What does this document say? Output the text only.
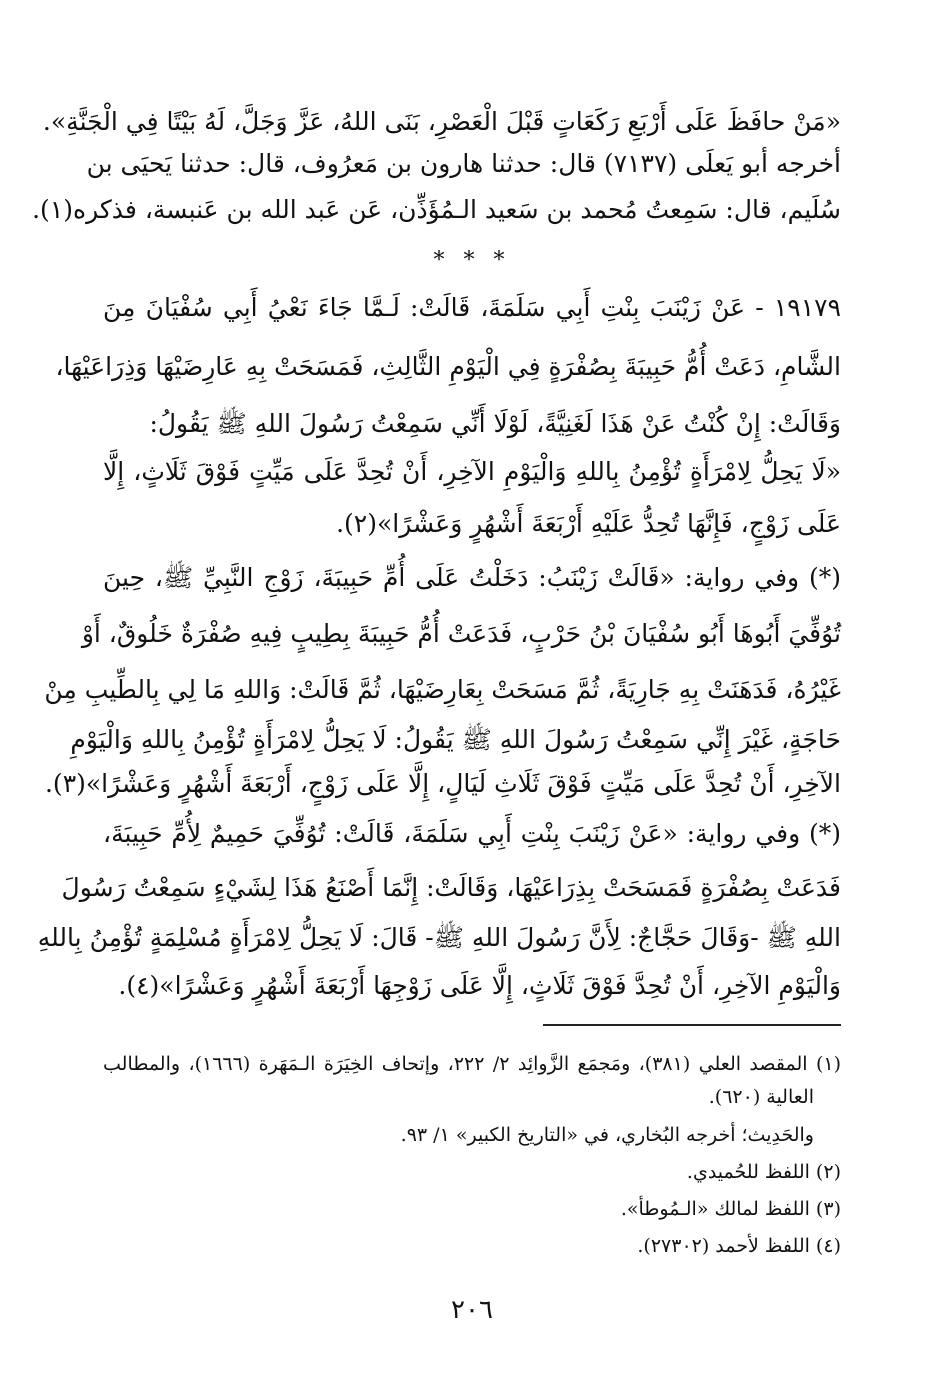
«مَنْ حافَظَ عَلَى أَرْبَعِ رَكَعَاتٍ قَبْلَ الْعَصْرِ، بَنَى اللهُ، عَزَّ وَجَلَّ، لَهُ بَيْتًا فِي الْجَنَّةِ».
أخرجه أبو يَعلَى (٧١٣٧) قال: حدثنا هارون بن مَعرُوف، قال: حدثنا يَحيَى بن
سُلَيم، قال: سَمِعتُ مُحمد بن سَعيد الـمُؤَذِّن، عَن عَبد الله بن عَنبسة، فذكره(١).
* * *
١٩١٧٩ - عَنْ زَيْنَبَ بِنْتِ أَبِي سَلَمَةَ، قَالَتْ: لَـمَّا جَاءَ نَعْيُ أَبِي سُفْيَانَ مِنَ
الشَّامِ، دَعَتْ أُمُّ حَبِيبَةَ بِصُفْرَةٍ فِي الْيَوْمِ الثَّالِثِ، فَمَسَحَتْ بِهِ عَارِضَيْهَا وَذِرَاعَيْهَا،
وَقَالَتْ: إِنْ كُنْتُ عَنْ هَذَا لَغَنِيَّةً، لَوْلَا أَنِّي سَمِعْتُ رَسُولَ اللهِ ﷺ يَقُولُ:
«لَا يَحِلُّ لِامْرَأَةٍ تُؤْمِنُ بِاللهِ وَالْيَوْمِ الآخِرِ، أَنْ تُحِدَّ عَلَى مَيِّتٍ فَوْقَ ثَلَاثٍ، إِلَّا
عَلَى زَوْجٍ، فَإِنَّهَا تُحِدُّ عَلَيْهِ أَرْبَعَةَ أَشْهُرٍ وَعَشْرًا»(٢).
(*) وفي رواية: «قَالَتْ زَيْنَبُ: دَخَلْتُ عَلَى أُمِّ حَبِيبَةَ، زَوْجِ النَّبِيِّ ﷺ، حِينَ
تُوُفِّيَ أَبُوهَا أَبُو سُفْيَانَ بْنُ حَرْبٍ، فَدَعَتْ أُمُّ حَبِيبَةَ بِطِيبٍ فِيهِ صُفْرَةٌ خَلُوقٌ، أَوْ
غَيْرُهُ، فَدَهَنَتْ بِهِ جَارِيَةً، ثُمَّ مَسَحَتْ بِعَارِضَيْهَا، ثُمَّ قَالَتْ: وَاللهِ مَا لِي بِالطِّيبِ مِنْ
حَاجَةٍ، غَيْرَ إِنِّي سَمِعْتُ رَسُولَ اللهِ ﷺ يَقُولُ: لَا يَحِلُّ لِامْرَأَةٍ تُؤْمِنُ بِاللهِ وَالْيَوْمِ
الآخِرِ، أَنْ تُحِدَّ عَلَى مَيِّتٍ فَوْقَ ثَلَاثِ لَيَالٍ، إِلَّا عَلَى زَوْجٍ، أَرْبَعَةَ أَشْهُرٍ وَعَشْرًا»(٣).
(*) وفي رواية: «عَنْ زَيْنَبَ بِنْتِ أَبِي سَلَمَةَ، قَالَتْ: تُوُفِّيَ حَمِيمٌ لِأُمِّ حَبِيبَةَ،
فَدَعَتْ بِصُفْرَةٍ فَمَسَحَتْ بِذِرَاعَيْهَا، وَقَالَتْ: إِنَّمَا أَصْنَعُ هَذَا لِشَيْءٍ سَمِعْتُ رَسُولَ
اللهِ ﷺ -وَقَالَ حَجَّاجٌ: لِأَنَّ رَسُولَ اللهِ ﷺ- قَالَ: لَا يَحِلُّ لِامْرَأَةٍ مُسْلِمَةٍ تُؤْمِنُ بِاللهِ
وَالْيَوْمِ الآخِرِ، أَنْ تُحِدَّ فَوْقَ ثَلَاثٍ، إِلَّا عَلَى زَوْجِهَا أَرْبَعَةَ أَشْهُرٍ وَعَشْرًا»(٤).
(١) المقصد العلي (٣٨١)، ومَجمَع الزَّوائِد ٢/ ٢٢٢، وإتحاف الخِيَرَة الـمَهَرة (١٦٦٦)، والمطالب
العالية (٦٢٠).
والحَدِيث؛ أخرجه البُخاري، في «التاريخ الكبير» ١/ ٩٣.
(٢) اللفظ للحُميدي.
(٣) اللفظ لمالك «الـمُوطأ».
(٤) اللفظ لأحمد (٢٧٣٠٢).
٢٠٦
